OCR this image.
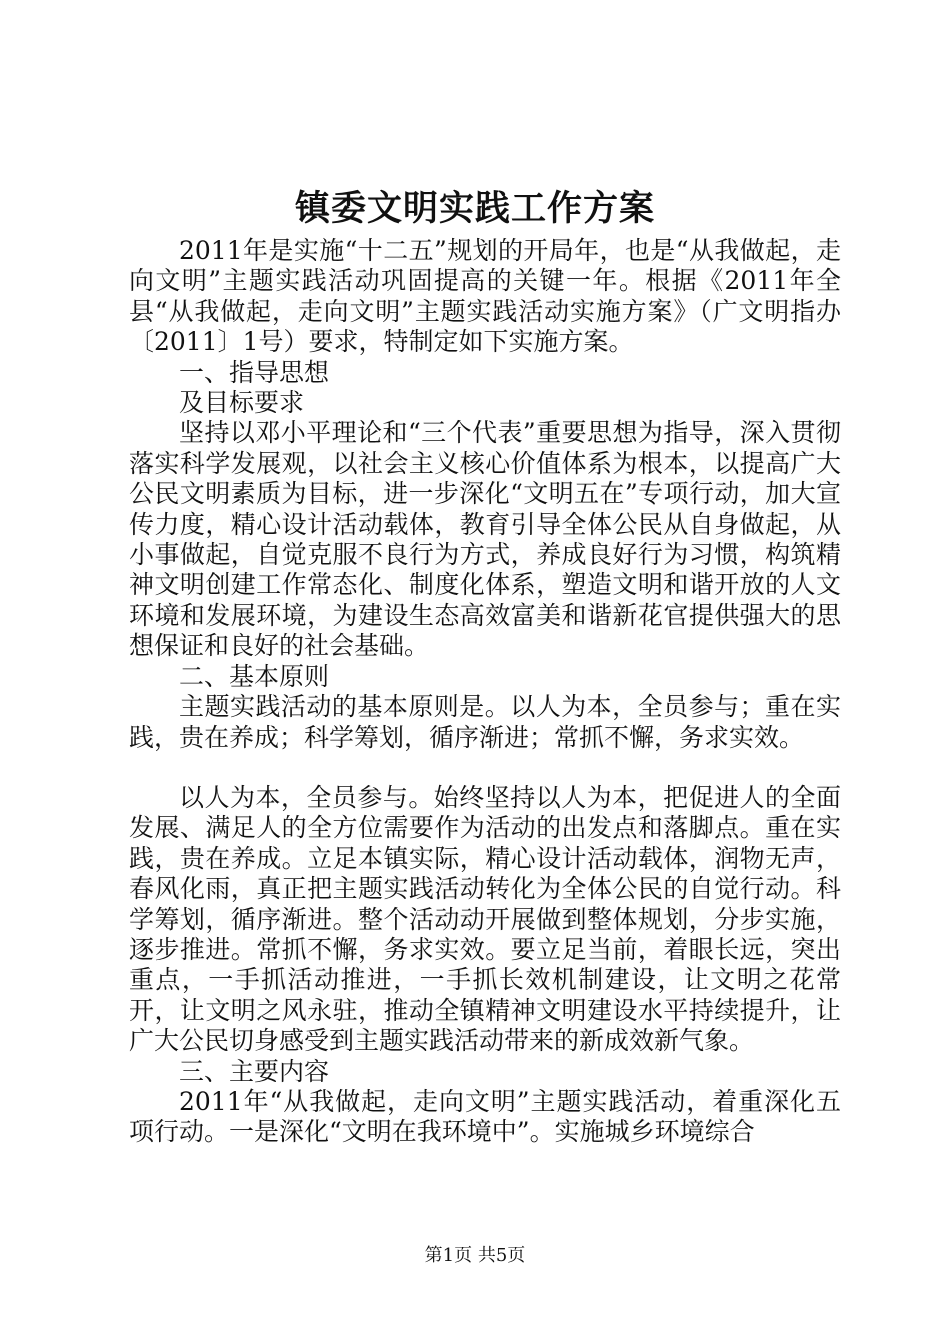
镇委文明实践工作方案

2011年是实施“十二五”规划的开局年，也是“从我做起，走向文明”主题实践活动巩固提高的关键一年。根据《2011年全县“从我做起，走向文明”主题实践活动实施方案》（广文明指办〔2011〕1号）要求，特制定如下实施方案。

一、指导思想

及目标要求

坚持以邓小平理论和“三个代表”重要思想为指导，深入贯彻落实科学发展观，以社会主义核心价值体系为根本，以提高广大公民文明素质为目标，进一步深化“文明五在”专项行动，加大宣传力度，精心设计活动载体，教育引导全体公民从自身做起，从小事做起，自觉克服不良行为方式，养成良好行为习惯，构筑精神文明创建工作常态化、制度化体系，塑造文明和谐开放的人文环境和发展环境，为建设生态高效富美和谐新花官提供强大的思想保证和良好的社会基础。

二、基本原则

主题实践活动的基本原则是。以人为本，全员参与；重在实践，贵在养成；科学筹划，循序渐进；常抓不懈，务求实效。

以人为本，全员参与。始终坚持以人为本，把促进人的全面发展、满足人的全方位需要作为活动的出发点和落脚点。重在实践，贵在养成。立足本镇实际，精心设计活动载体，润物无声，春风化雨，真正把主题实践活动转化为全体公民的自觉行动。科学筹划，循序渐进。整个活动动开展做到整体规划，分步实施，逐步推进。常抓不懈，务求实效。要立足当前，着眼长远，突出重点，一手抓活动推进，一手抓长效机制建设，让文明之花常开，让文明之风永驻，推动全镇精神文明建设水平持续提升，让广大公民切身感受到主题实践活动带来的新成效新气象。

三、主要内容

2011年“从我做起，走向文明”主题实践活动，着重深化五项行动。一是深化“文明在我环境中”。实施城乡环境综合

第1页 共5页
